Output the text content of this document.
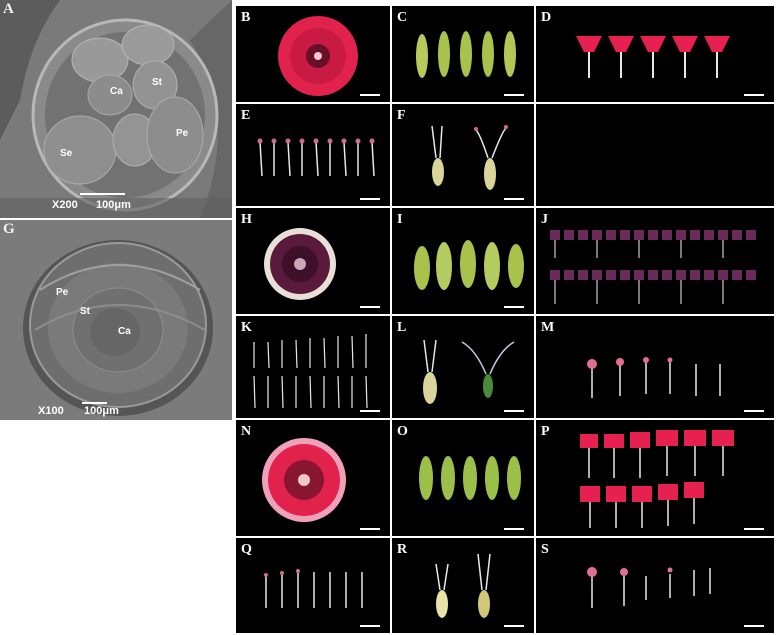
A
Ca
St
Pe
Se
X200 100μm
G
Pe
St
Ca
X100 100μm
B	C	D
E	F
H	I	J
K	L	M
N	O	P
Q	R	S
